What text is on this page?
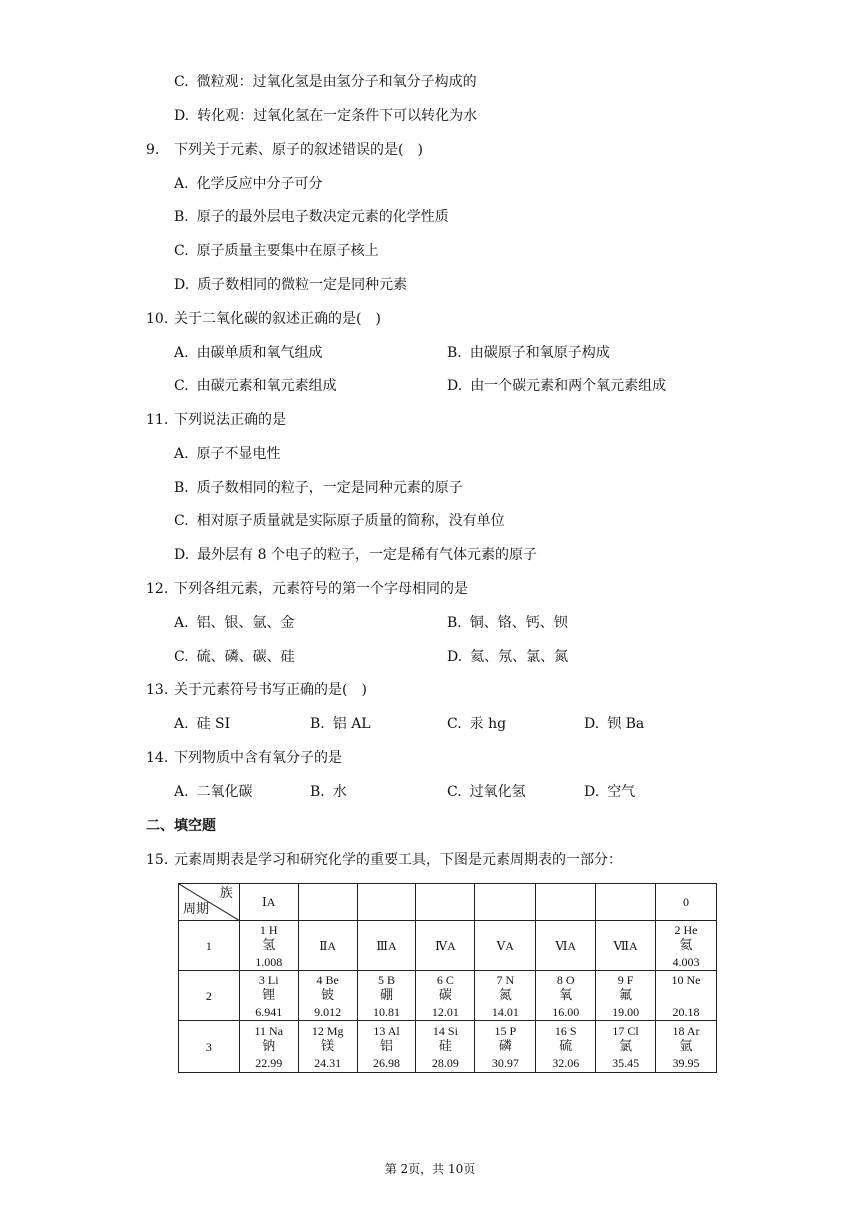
C. 微粒观：过氧化氢是由氢分子和氧分子构成的
D. 转化观：过氧化氢在一定条件下可以转化为水
9. 下列关于元素、原子的叙述错误的是(　)
A. 化学反应中分子可分
B. 原子的最外层电子数决定元素的化学性质
C. 原子质量主要集中在原子核上
D. 质子数相同的微粒一定是同种元素
10. 关于二氧化碳的叙述正确的是(　)
A. 由碳单质和氧气组成	B. 由碳原子和氧原子构成
C. 由碳元素和氧元素组成	D. 由一个碳元素和两个氧元素组成
11. 下列说法正确的是
A. 原子不显电性
B. 质子数相同的粒子，一定是同种元素的原子
C. 相对原子质量就是实际原子质量的简称，没有单位
D. 最外层有 8 个电子的粒子，一定是稀有气体元素的原子
12. 下列各组元素，元素符号的第一个字母相同的是
A. 铝、银、氩、金	B. 铜、铬、钙、钡
C. 硫、磷、碳、硅	D. 氦、氖、氯、氮
13. 关于元素符号书写正确的是(　)
A. 硅 SI	B. 铝 AL	C. 汞 hg	D. 钡 Ba
14. 下列物质中含有氧分子的是
A. 二氧化碳	B. 水	C. 过氧化氢	D. 空气
二、填空题
15. 元素周期表是学习和研究化学的重要工具，下图是元素周期表的一部分：
族
周期	ⅠA							0
1	1 H
氢
1.008	ⅡA	ⅢA	ⅣA	ⅤA	ⅥA	ⅦA	2 He
氦
4.003

2	3 Li
锂
6.941	4 Be
铍
9.012	5 B
硼
10.81	6 C
碳
12.01	7 N
氮
14.01	8 O
氧
16.00	9 F
氟
19.00	10 Ne
20.18

3	11 Na
钠
22.99	12 Mg
镁
24.31	13 Al
铝
26.98	14 Si
硅
28.09	15 P
磷
30.97	16 S
硫
32.06	17 Cl
氯
35.45	18 Ar
氩
39.95
第 2页，共 10页
